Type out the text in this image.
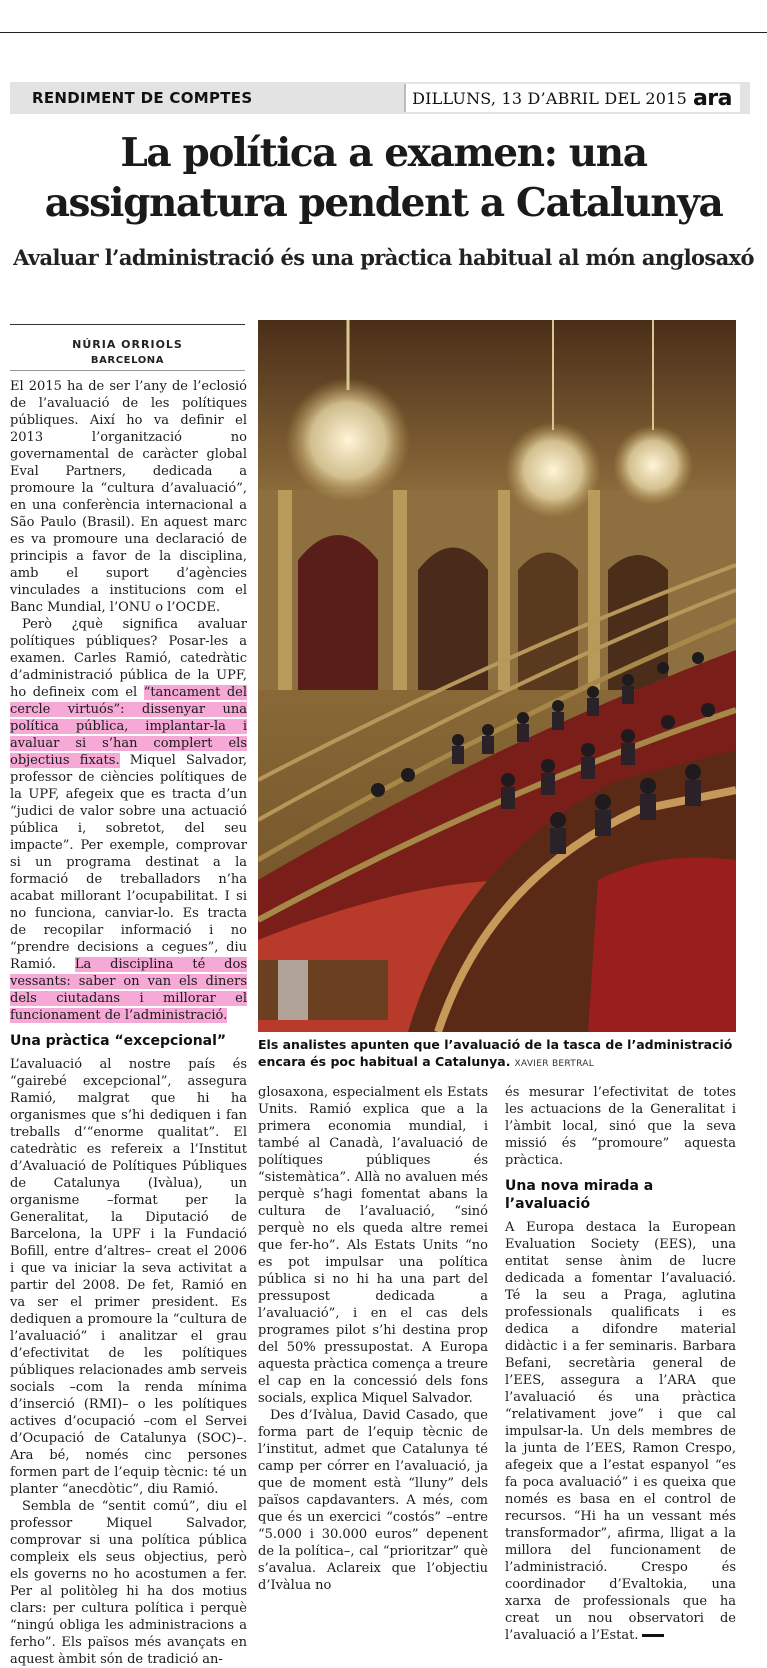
RENDIMENT DE COMPTES	DILLUNS, 13 D’ABRIL DEL 2015 ara
La política a examen: una
assignatura pendent a Catalunya
Avaluar l’administració és una pràctica habitual al món anglosaxó
NÚRIA ORRIOLS
BARCELONA

El 2015 ha de ser l’any de l’eclosió de l’avaluació de les polítiques públiques. Així ho va definir el 2013 l’organització no governamental de caràcter global Eval Partners, dedicada a promoure la “cultura d’avaluació”, en una conferència internacional a São Paulo (Brasil). En aquest marc es va promoure una declaració de principis a favor de la disciplina, amb el suport d’agències vinculades a institucions com el Banc Mundial, l’ONU o l’OCDE.

Però ¿què significa avaluar polítiques públiques? Posar-les a examen. Carles Ramió, catedràtic d’administració pública de la UPF, ho defineix com el “tancament del cercle virtuós”: dissenyar una política pública, implantar-la i avaluar si s’han complert els objectius fixats. Miquel Salvador, professor de ciències polítiques de la UPF, afegeix que es tracta d’un “judici de valor sobre una actuació pública i, sobretot, del seu impacte”. Per exemple, comprovar si un programa destinat a la formació de treballadors n’ha acabat millorant l’ocupabilitat. I si no funciona, canviar-lo. Es tracta de recopilar informació i no “prendre decisions a cegues”, diu Ramió. La disciplina té dos vessants: saber on van els diners dels ciutadans i millorar el funcionament de l’administració.

Una pràctica “excepcional”

L’avaluació al nostre país és “gairebé excepcional”, assegura Ramió, malgrat que hi ha organismes que s’hi dediquen i fan treballs d’“enorme qualitat”. El catedràtic es refereix a l’Institut d’Avaluació de Polítiques Públiques de Catalunya (Ivàlua), un organisme –format per la Generalitat, la Diputació de Barcelona, la UPF i la Fundació Bofill, entre d’altres– creat el 2006 i que va iniciar la seva activitat a partir del 2008. De fet, Ramió en va ser el primer president. Es dediquen a promoure la “cultura de l’avaluació” i analitzar el grau d’efectivitat de les polítiques públiques relacionades amb serveis socials –com la renda mínima d’inserció (RMI)– o les polítiques actives d’ocupació –com el Servei d’Ocupació de Catalunya (SOC)–. Ara bé, només cinc persones formen part de l’equip tècnic: té un planter “anecdòtic”, diu Ramió.

Sembla de “sentit comú”, diu el professor Miquel Salvador, comprovar si una política pública compleix els seus objectius, però els governs no ho acostumen a fer. Per al politòleg hi ha dos motius clars: per cultura política i perquè “ningú obliga les administracions a ferho”. Els països més avançats en aquest àmbit són de tradició an-

Els analistes apunten que l’avaluació de la tasca de l’administració encara és poc habitual a Catalunya. XAVIER BERTRAL

glosaxona, especialment els Estats Units. Ramió explica que a la primera economia mundial, i també al Canadà, l’avaluació de polítiques públiques és “sistemàtica”. Allà no avaluen més perquè s’hagi fomentat abans la cultura de l’avaluació, “sinó perquè no els queda altre remei que fer-ho”. Als Estats Units “no es pot impulsar una política pública si no hi ha una part del pressupost dedicada a l’avaluació”, i en el cas dels programes pilot s’hi destina prop del 50% pressupostat. A Europa aquesta pràctica comença a treure el cap en la concessió dels fons socials, explica Miquel Salvador.

Des d’Ivàlua, David Casado, que forma part de l’equip tècnic de l’institut, admet que Catalunya té camp per córrer en l’avaluació, ja que de moment està “lluny” dels països capdavanters. A més, com que és un exercici “costós” –entre “5.000 i 30.000 euros” depenent de la política–, cal “prioritzar” què s’avalua. Aclareix que l’objectiu d’Ivàlua no

és mesurar l’efectivitat de totes les actuacions de la Generalitat i l’àmbit local, sinó que la seva missió és “promoure” aquesta pràctica.

Una nova mirada a l’avaluació

A Europa destaca la European Evaluation Society (EES), una entitat sense ànim de lucre dedicada a fomentar l’avaluació. Té la seu a Praga, aglutina professionals qualificats i es dedica a difondre material didàctic i a fer seminaris. Barbara Befani, secretària general de l’EES, assegura a l’ARA que l’avaluació és una pràctica “relativament jove” i que cal impulsar-la. Un dels membres de la junta de l’EES, Ramon Crespo, afegeix que a l’estat espanyol “es fa poca avaluació” i es queixa que només es basa en el control de recursos. “Hi ha un vessant més transformador”, afirma, lligat a la millora del funcionament de l’administració. Crespo és coordinador d’Evaltokia, una xarxa de professionals que ha creat un nou observatori de l’avaluació a l’Estat.
